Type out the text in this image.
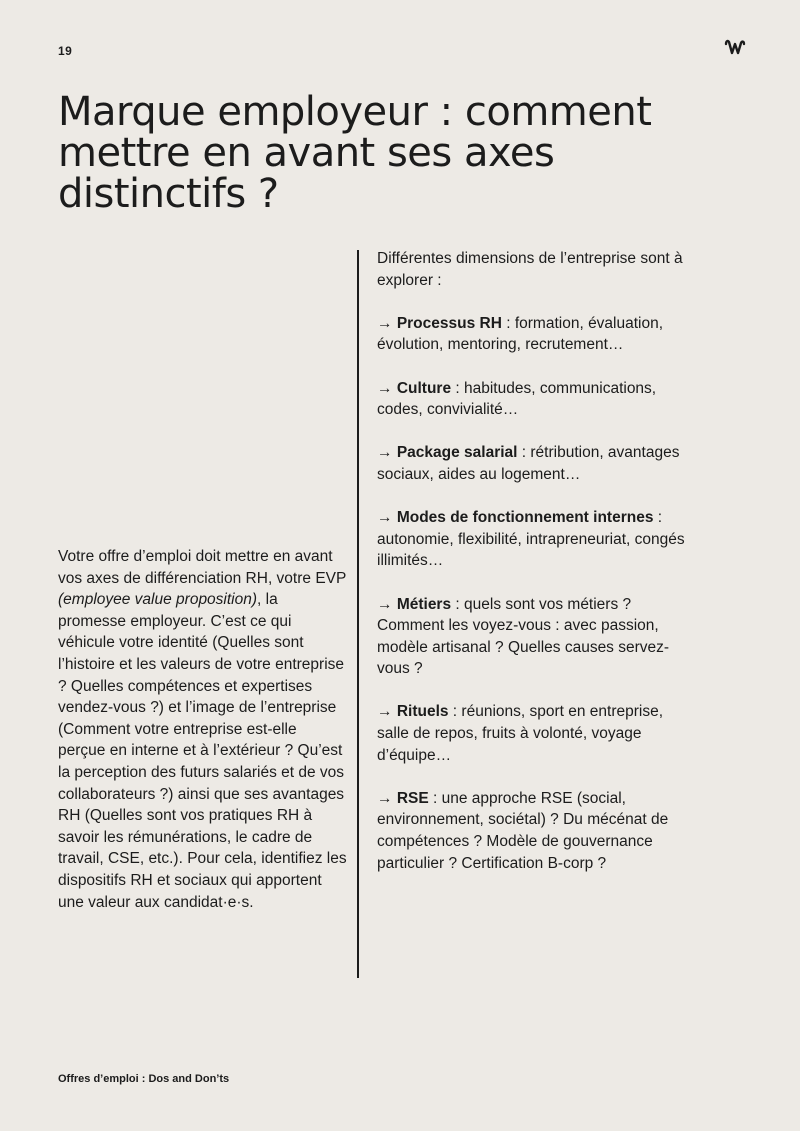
19
Marque employeur : comment
mettre en avant ses axes
distinctifs ?

Votre offre d’emploi doit mettre en avant vos axes de différenciation RH, votre EVP (employee value proposition), la promesse employeur. C’est ce qui véhicule votre identité (Quelles sont l’histoire et les valeurs de votre entreprise ? Quelles compétences et expertises vendez-vous ?) et l’image de l’entreprise (Comment votre entreprise est-elle perçue en interne et à l’extérieur ? Qu’est la perception des futurs salariés et de vos collaborateurs ?) ainsi que ses avantages RH (Quelles sont vos pratiques RH à savoir les rémunérations, le cadre de travail, CSE, etc.). Pour cela, identifiez les dispositifs RH et sociaux qui apportent une valeur aux candidat·e·s.

Différentes dimensions de l’entreprise sont à explorer :

→ Processus RH : formation, évaluation, évolution, mentoring, recrutement…

→ Culture : habitudes, communications, codes, convivialité…

→ Package salarial : rétribution, avantages sociaux, aides au logement…

→ Modes de fonctionnement internes : autonomie, flexibilité, intrapreneuriat, congés illimités…

→ Métiers : quels sont vos métiers ? Comment les voyez-vous : avec passion, modèle artisanal ? Quelles causes servez-vous ?

→ Rituels : réunions, sport en entreprise, salle de repos, fruits à volonté, voyage d’équipe…

→ RSE : une approche RSE (social, environnement, sociétal) ? Du mécénat de compétences ? Modèle de gouvernance particulier ? Certification B-corp ?

Offres d’emploi : Dos and Don’ts
